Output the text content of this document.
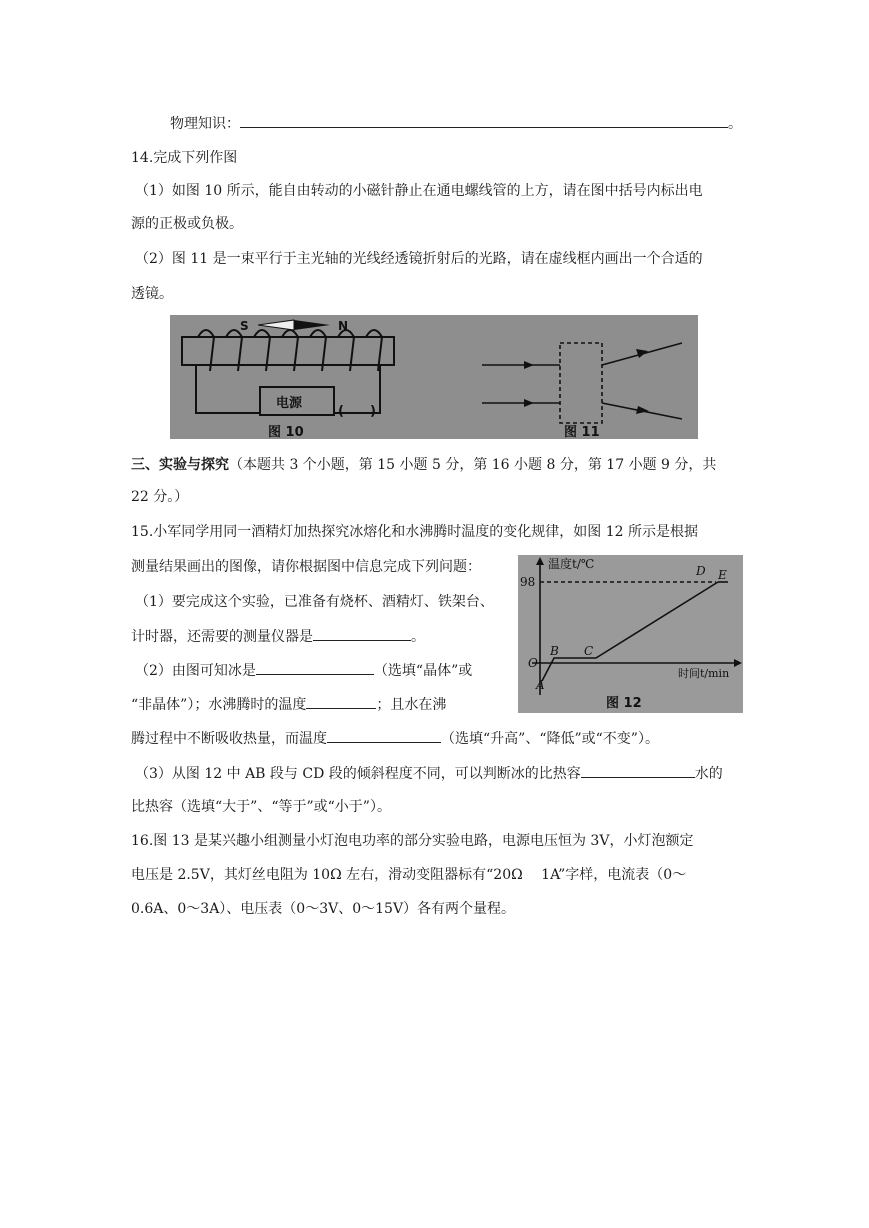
物理知识：	。
14.完成下列作图
（1）如图 10 所示，能自由转动的小磁针静止在通电螺线管的上方，请在图中括号内标出电
源的正极或负极。
（2）图 11 是一束平行于主光轴的光线经透镜折射后的光路，请在虚线框内画出一个合适的
透镜。
S	N
电源
(　　)
图 10	图 11
三、实验与探究（本题共 3 个小题，第 15 小题 5 分，第 16 小题 8 分，第 17 小题 9 分，共
22 分。）
15.小军同学用同一酒精灯加热探究冰熔化和水沸腾时温度的变化规律，如图 12 所示是根据
测量结果画出的图像，请你根据图中信息完成下列问题：
（1）要完成这个实验，已准备有烧杯、酒精灯、铁架台、
计时器，还需要的测量仪器是	。
（2）由图可知冰是	（选填“晶体”或
“非晶体”）；水沸腾时的温度	；且水在沸
腾过程中不断吸收热量，而温度	（选填“升高”、“降低”或“不变”）。
（3）从图 12 中 AB 段与 CD 段的倾斜程度不同，可以判断冰的比热容	水的
比热容（选填“大于”、“等于”或“小于”）。
温度t/℃
时间t/min
98
O
A
B C
D E
图 12
16.图 13 是某兴趣小组测量小灯泡电功率的部分实验电路，电源电压恒为 3V，小灯泡额定
电压是 2.5V，其灯丝电阻为 10Ω 左右，滑动变阻器标有“20Ω　 1A”字样，电流表（0～
0.6A、0～3A）、电压表（0～3V、0～15V）各有两个量程。
